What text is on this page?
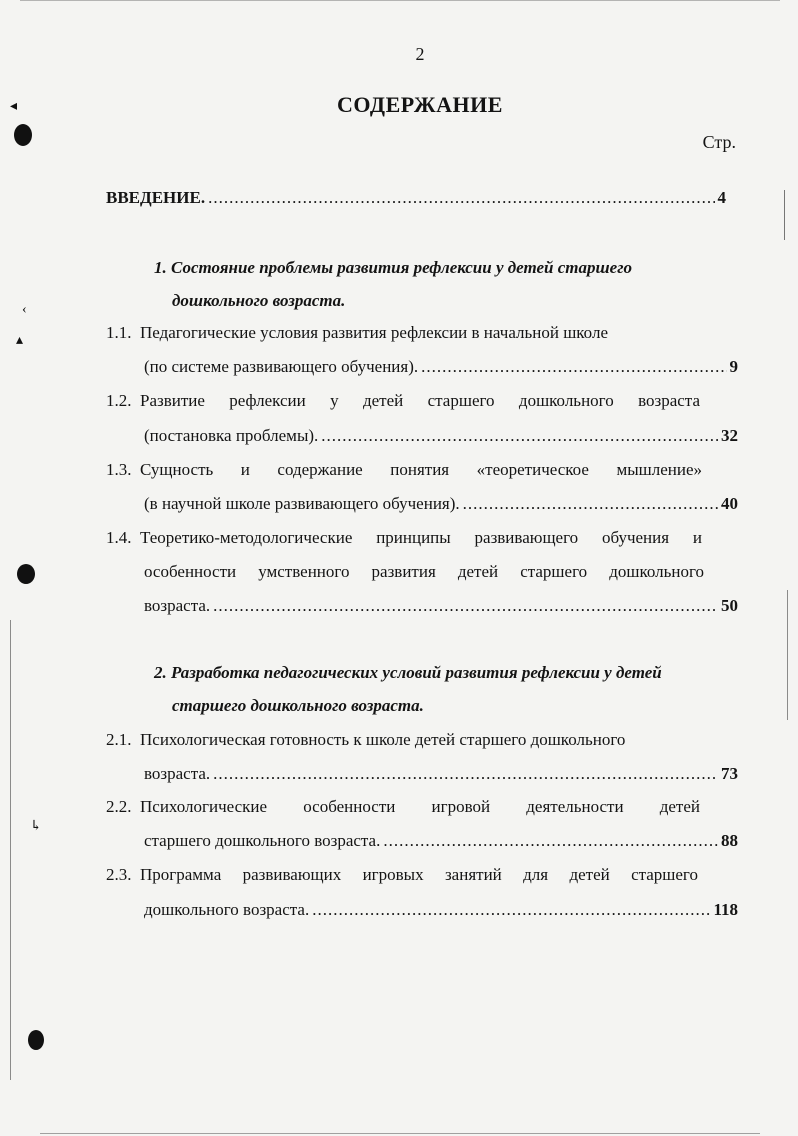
◂
‹
▴
↳
2
СОДЕРЖАНИЕ
Стр.
ВВЕДЕНИЕ. .....	4
1. Состояние проблемы развития рефлексии у детей старшего
дошкольного возраста.
1.1. Педагогические условия развития рефлексии в начальной школе
(по системе развивающего обучения). .....	9
1.2. Развитие рефлексии у детей старшего дошкольного возраста
(постановка проблемы). .....	32
1.3. Сущность и содержание понятия «теоретическое мышление»
(в научной школе развивающего обучения). .....	40
1.4. Теоретико-методологические принципы развивающего обучения и
особенности умственного развития детей старшего дошкольного
возраста. .....	50
2. Разработка педагогических условий развития рефлексии у детей
старшего дошкольного возраста.
2.1. Психологическая готовность к школе детей старшего дошкольного
возраста. .....	73
2.2. Психологические особенности игровой деятельности детей
старшего дошкольного возраста. .....	88
2.3. Программа развивающих игровых занятий для детей старшего
дошкольного возраста. .....	118
